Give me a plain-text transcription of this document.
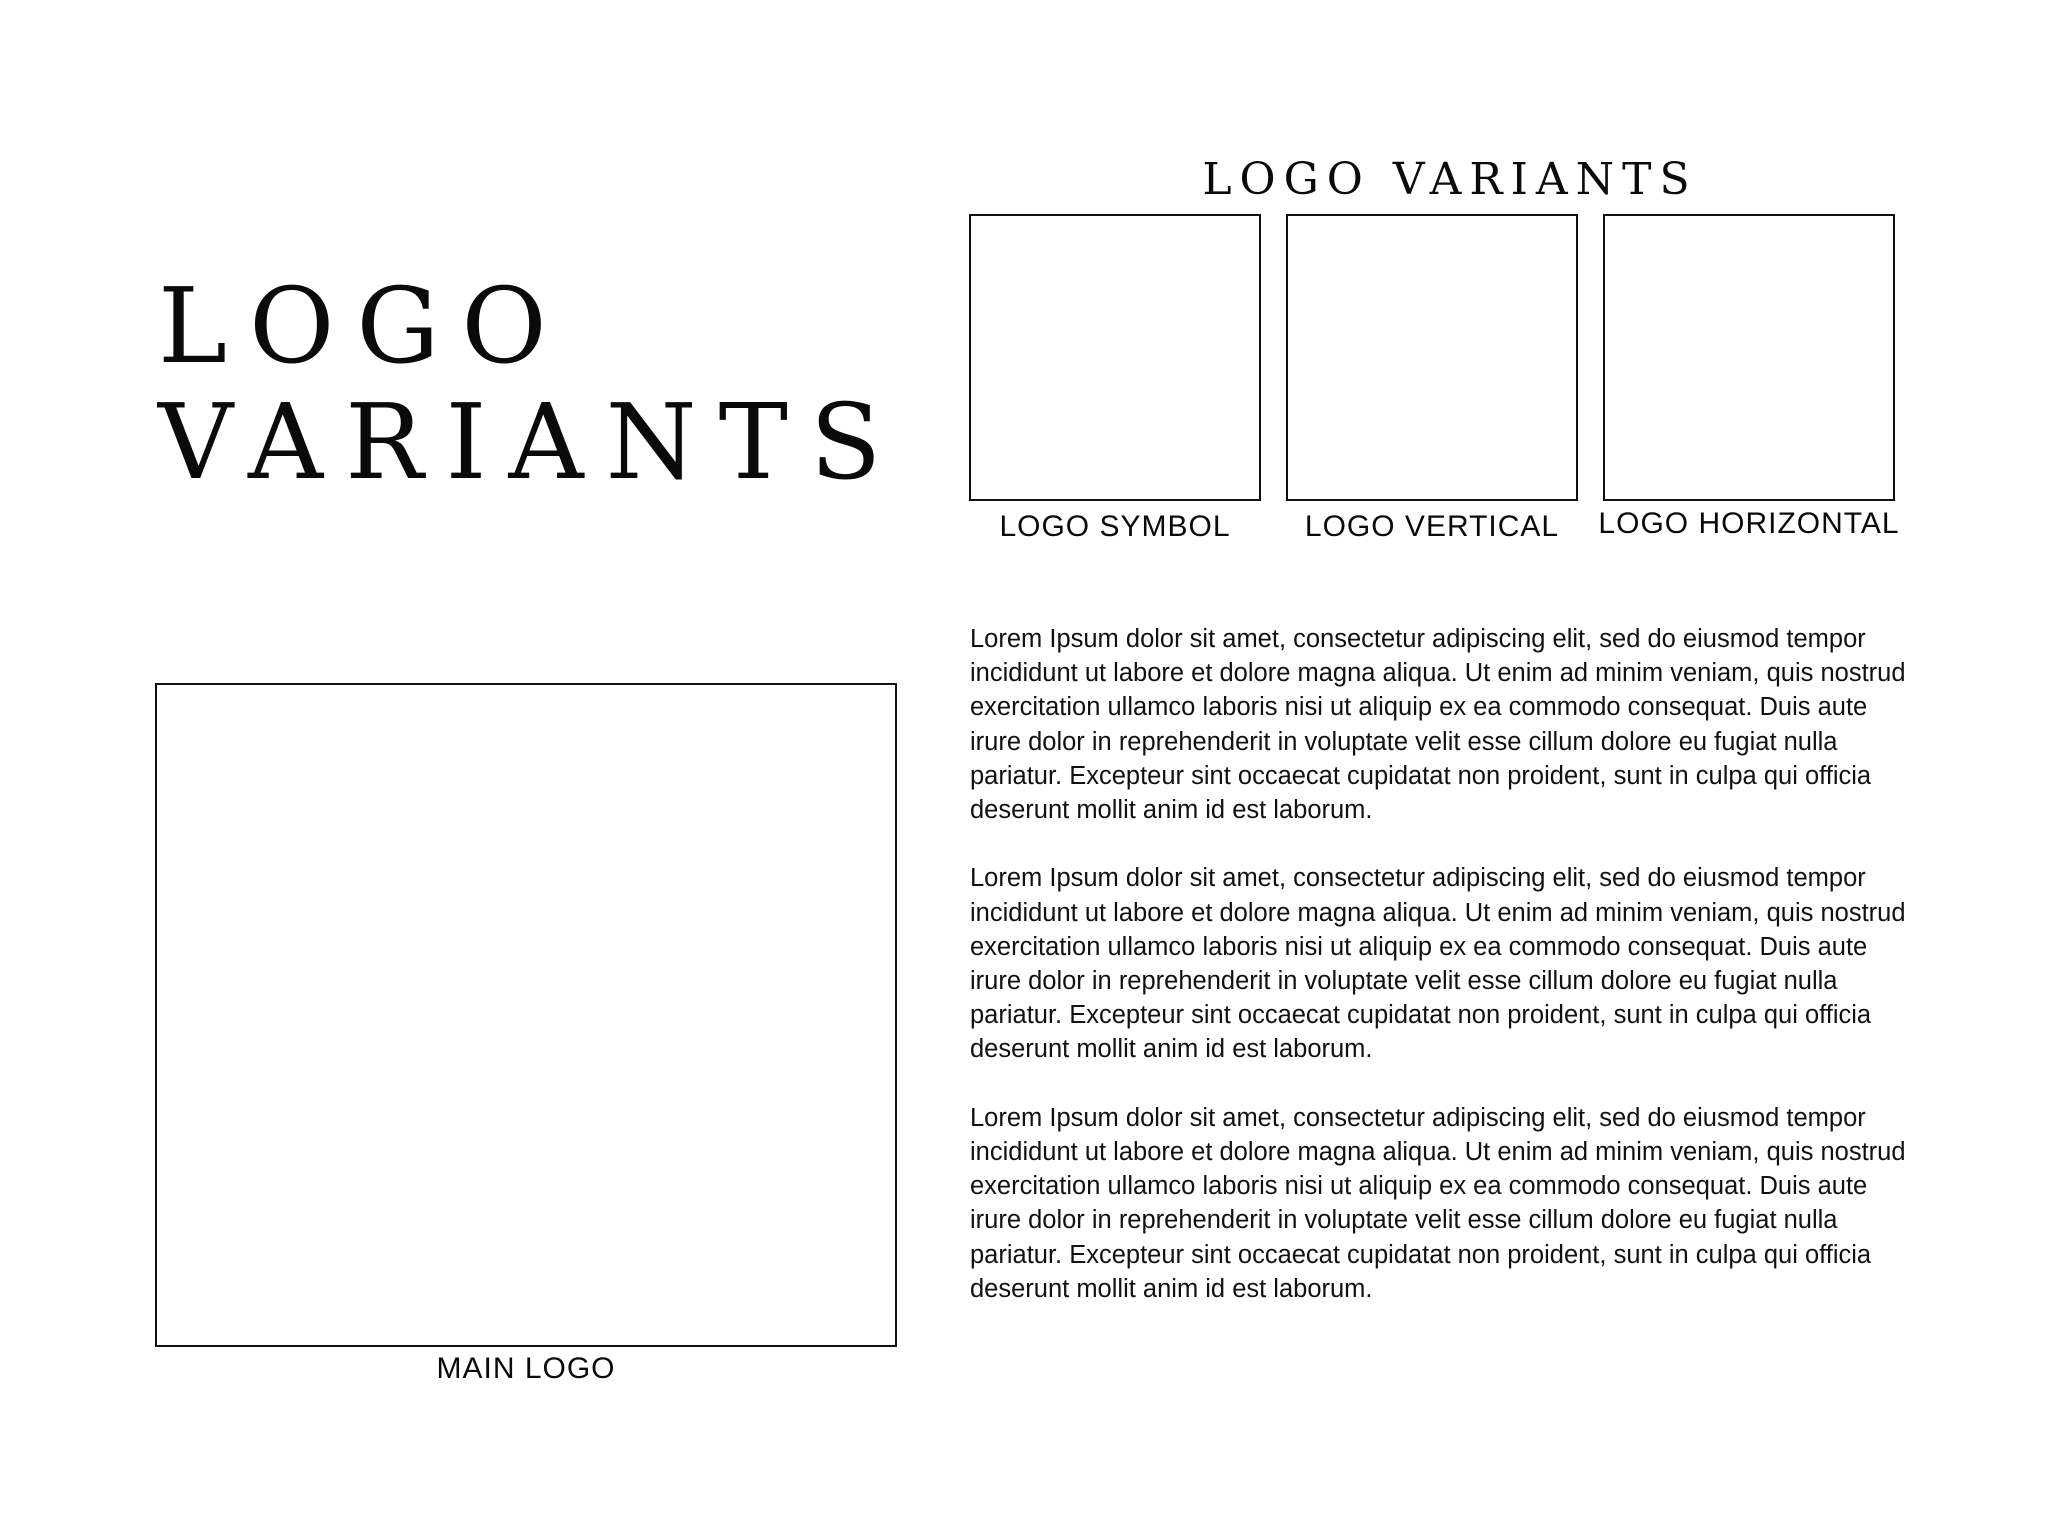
LOGO
VARIANTS
LOGO VARIANTS
LOGO SYMBOL	LOGO VERTICAL	LOGO HORIZONTAL
MAIN LOGO

Lorem Ipsum dolor sit amet, consectetur adipiscing elit, sed do eiusmod tempor incididunt ut labore et dolore magna aliqua. Ut enim ad minim veniam, quis nostrud exercitation ullamco laboris nisi ut aliquip ex ea commodo consequat. Duis aute irure dolor in reprehenderit in voluptate velit esse cillum dolore eu fugiat nulla pariatur. Excepteur sint occaecat cupidatat non proident, sunt in culpa qui officia deserunt mollit anim id est laborum.

Lorem Ipsum dolor sit amet, consectetur adipiscing elit, sed do eiusmod tempor incididunt ut labore et dolore magna aliqua. Ut enim ad minim veniam, quis nostrud exercitation ullamco laboris nisi ut aliquip ex ea commodo consequat. Duis aute irure dolor in reprehenderit in voluptate velit esse cillum dolore eu fugiat nulla pariatur. Excepteur sint occaecat cupidatat non proident, sunt in culpa qui officia deserunt mollit anim id est laborum.

Lorem Ipsum dolor sit amet, consectetur adipiscing elit, sed do eiusmod tempor incididunt ut labore et dolore magna aliqua. Ut enim ad minim veniam, quis nostrud exercitation ullamco laboris nisi ut aliquip ex ea commodo consequat. Duis aute irure dolor in reprehenderit in voluptate velit esse cillum dolore eu fugiat nulla pariatur. Excepteur sint occaecat cupidatat non proident, sunt in culpa qui officia deserunt mollit anim id est laborum.
